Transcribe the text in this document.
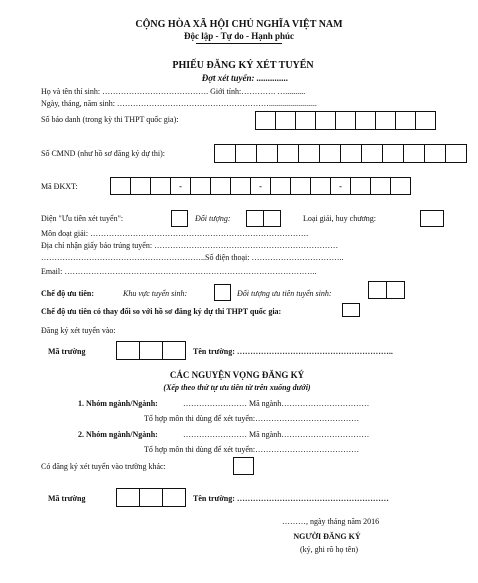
CỘNG HÒA XÃ HỘI CHỦ NGHĨA VIỆT NAM
Độc lập - Tự do - Hạnh phúc
PHIẾU ĐĂNG KÝ XÉT TUYỂN
Đợt xét tuyển: ..............
Họ và tên thí sinh: …………………………………. Giới tính:…………. …..........
Ngày, tháng, năm sinh: …………………………………………………........................
Số báo danh (trong kỳ thi THPT quốc gia):
Số CMND (như hồ sơ đăng ký dự thi):
Mã ĐKXT:	-	-	-
Diện "Ưu tiên xét tuyển":	Đối tượng:	Loại giải, huy chương:
Môn đoạt giải: ……………………………………………………………………….
Địa chỉ nhận giấy báo trúng tuyển: ……………………………………………………………
……………………………………………………..Số điện thoại: ……………………………..
Email: …………………………………………………………………………………..
Chế độ ưu tiên:	Khu vực tuyển sinh:	Đối tượng ưu tiên tuyển sinh:
Chế độ ưu tiên có thay đổi so với hồ sơ đăng ký dự thi THPT quốc gia:
Đăng ký xét tuyển vào:
Mã trường	Tên trường: …………………………………………………..
CÁC NGUYỆN VỌNG ĐĂNG KÝ
(Xếp theo thứ tự ưu tiên từ trên xuống dưới)
1. Nhóm ngành/Ngành:	…………………… Mã ngành……………………………
Tổ hợp môn thi dùng để xét tuyển:…………………………………
2. Nhóm ngành/Ngành:	…………………… Mã ngành……………………………
Tổ hợp môn thi dùng để xét tuyển:…………………………………
Có đăng ký xét tuyển vào trường khác:
Mã trường	Tên trường: …………………………………………………
………, ngày tháng năm 2016
NGƯỜI ĐĂNG KÝ
(ký, ghi rõ họ tên)
